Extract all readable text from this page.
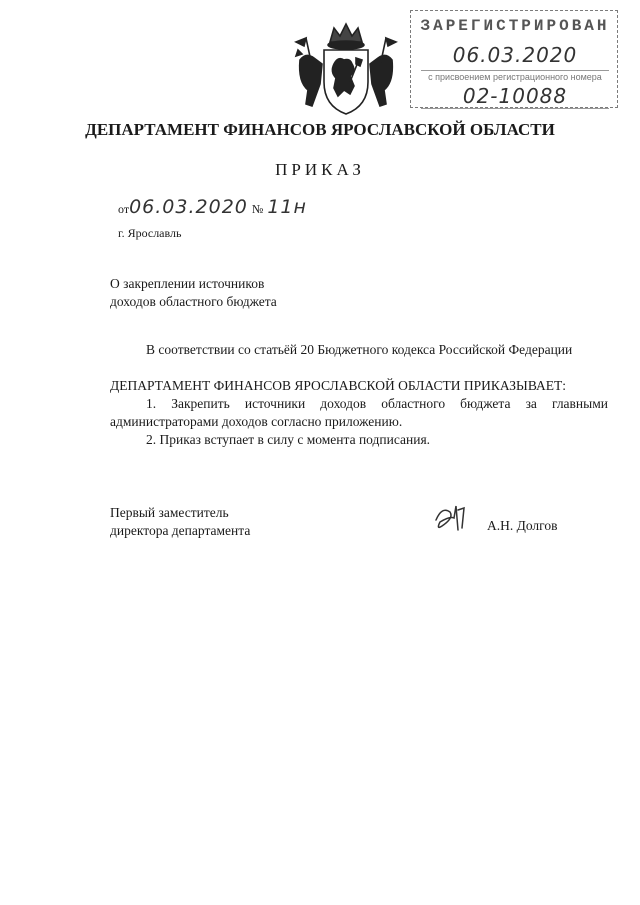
ЗАРЕГИСТРИРОВАН
06.03.2020
с присвоением регистрационного номера
02-10088
ДЕПАРТАМЕНТ ФИНАНСОВ ЯРОСЛАВСКОЙ ОБЛАСТИ
ПРИКАЗ
от06.03.2020 № 11н
г. Ярославль
О закреплении источников
доходов областного бюджета
В соответствии со статьёй 20 Бюджетного кодекса Российской Федерации
ДЕПАРТАМЕНТ ФИНАНСОВ ЯРОСЛАВСКОЙ ОБЛАСТИ ПРИКАЗЫВАЕТ:
1. Закрепить источники доходов областного бюджета за главными администраторами доходов согласно приложению.
2. Приказ вступает в силу с момента подписания.
Первый заместитель
директора департамента	А.Н. Долгов
